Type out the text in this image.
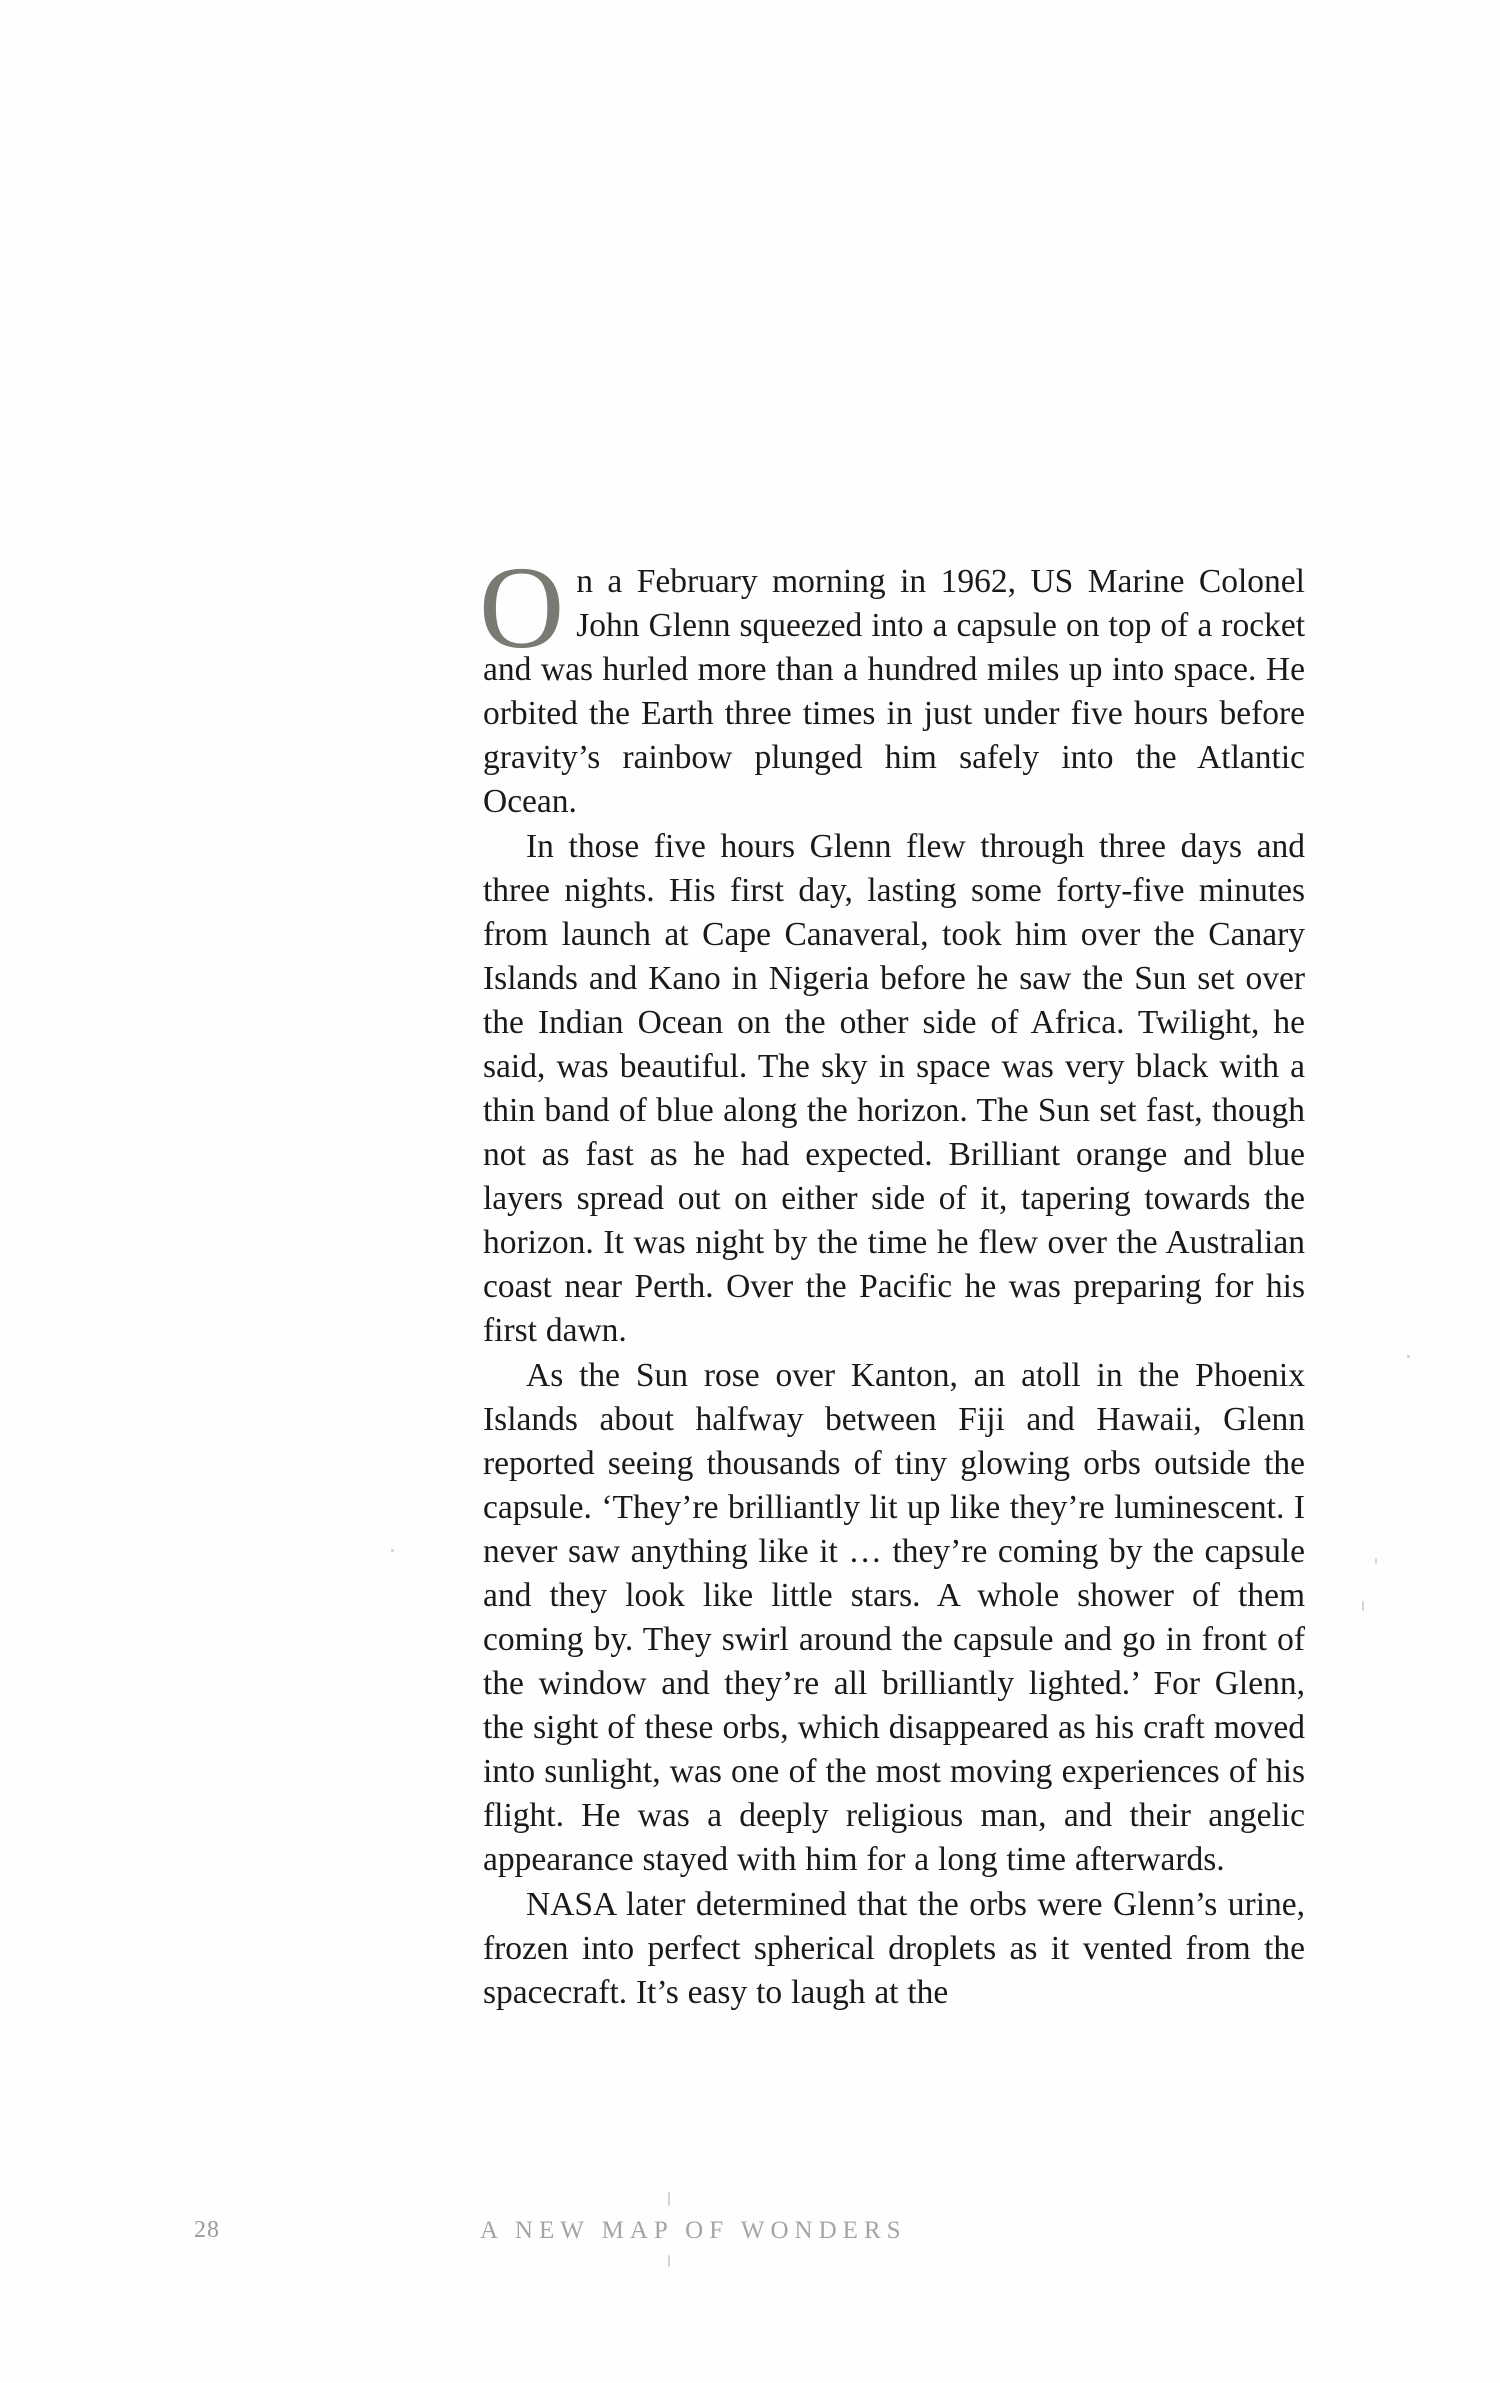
On a February morning in 1962, US Marine Colonel John Glenn squeezed into a capsule on top of a rocket and was hurled more than a hundred miles up into space. He orbited the Earth three times in just under five hours before gravity’s rainbow plunged him safely into the Atlantic Ocean.

In those five hours Glenn flew through three days and three nights. His first day, lasting some forty-five minutes from launch at Cape Canaveral, took him over the Canary Islands and Kano in Nigeria before he saw the Sun set over the Indian Ocean on the other side of Africa. Twilight, he said, was beautiful. The sky in space was very black with a thin band of blue along the horizon. The Sun set fast, though not as fast as he had expected. Brilliant orange and blue layers spread out on either side of it, tapering towards the horizon. It was night by the time he flew over the Australian coast near Perth. Over the Pacific he was preparing for his first dawn.

As the Sun rose over Kanton, an atoll in the Phoenix Islands about halfway between Fiji and Hawaii, Glenn reported seeing thousands of tiny glowing orbs outside the capsule. ‘They’re brilliantly lit up like they’re luminescent. I never saw anything like it … they’re coming by the capsule and they look like little stars. A whole shower of them coming by. They swirl around the capsule and go in front of the window and they’re all brilliantly lighted.’ For Glenn, the sight of these orbs, which disappeared as his craft moved into sunlight, was one of the most moving experiences of his flight. He was a deeply religious man, and their angelic appearance stayed with him for a long time afterwards.

NASA later determined that the orbs were Glenn’s urine, frozen into perfect spherical droplets as it vented from the spacecraft. It’s easy to laugh at the

28	A NEW MAP OF WONDERS
